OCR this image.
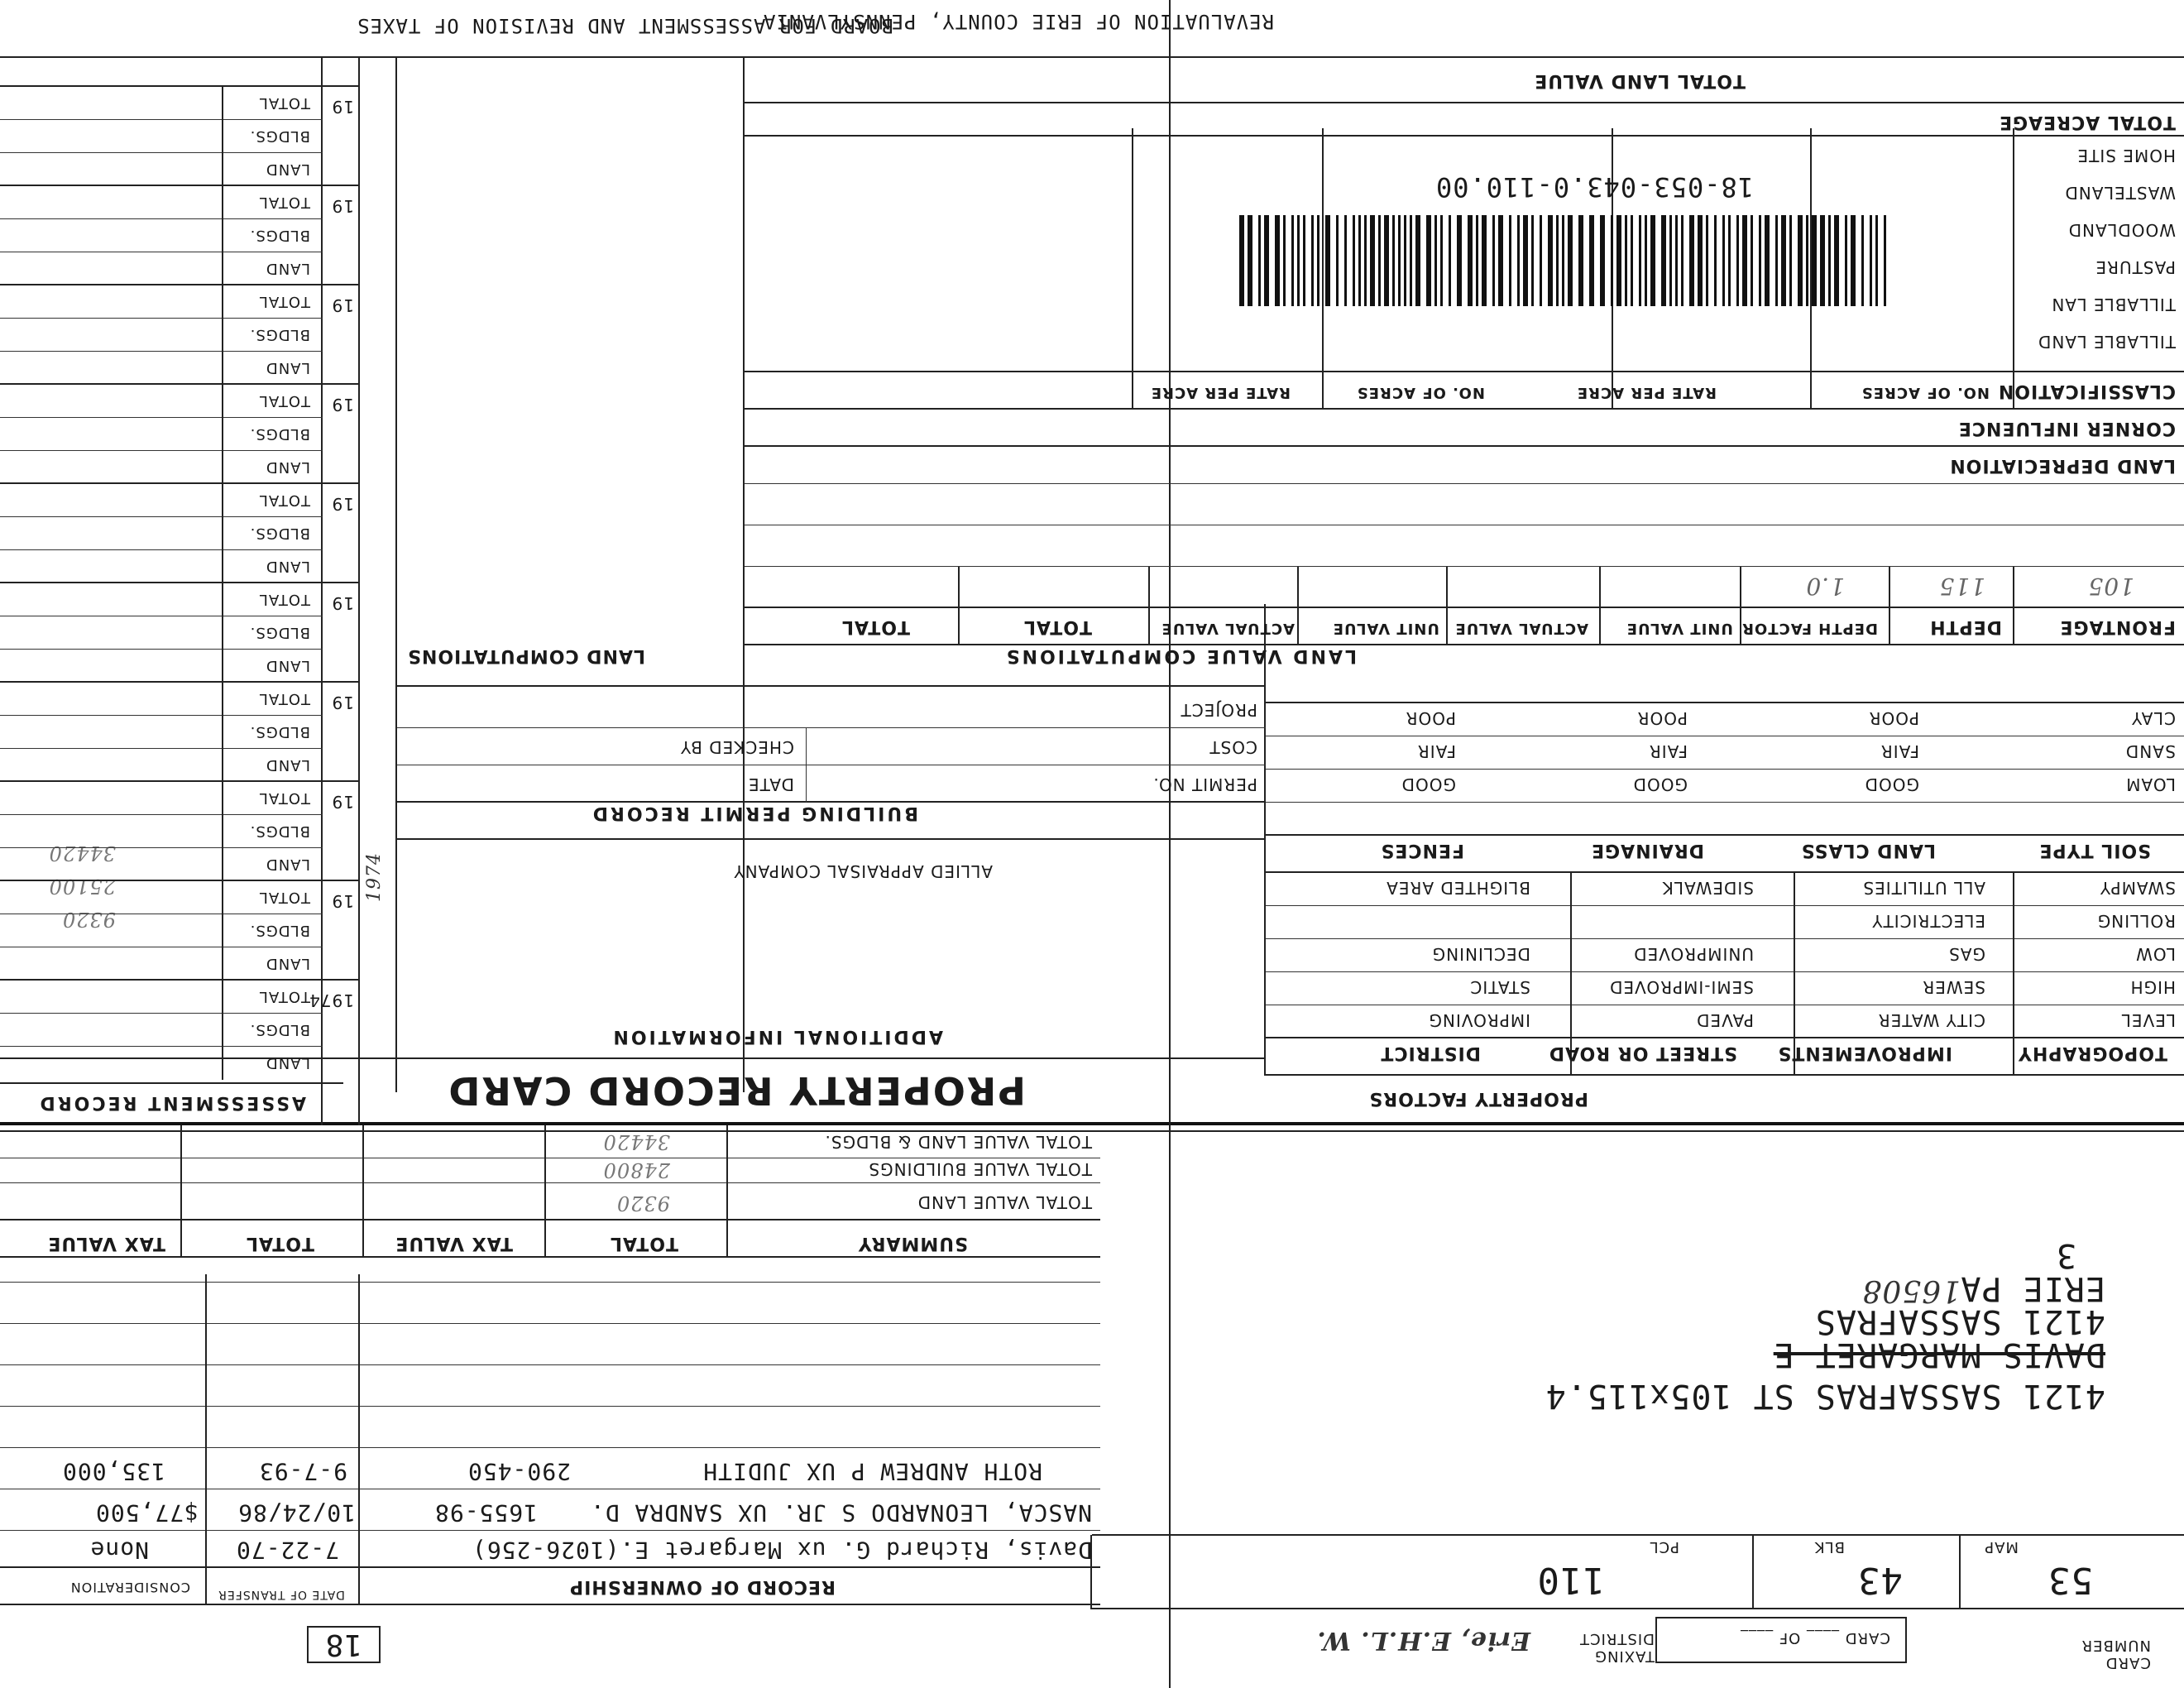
REVALUATION OF ERIE COUNTY, PENNSYLVANIA
BOARD FOR ASSESSMENT AND REVISION OF TAXES
CARD NUMBER
CARD ____ OF ____
TAXING DISTRICT
Erie, E.H.L. W.
MAP
53
BLK
43
PCL
110
4121 SASSAFRAS ST 105x115.4
DAVIS MARGARET E
4121 SASSAFRAS
ERIE PA
16508
3
RECORD OF OWNERSHIP
DATE OF TRANSFER
CONSIDERATION
Davis, Richard G. ux Margaret E.(1026-256)
7-22-70
None
NASCA, LEONARDO S JR. UX SANDRA D.
1655-98
10/24/86
$77,500
ROTH ANDREW P UX JUDITH
290-450
9-7-93
135,000
18
SUMMARY
TOTAL
TAX VALUE
TOTAL
TAX VALUE
TOTAL VALUE LAND
TOTAL VALUE BUILDINGS
TOTAL VALUE LAND & BLDGS.
9320
24800
34420
PROPERTY FACTORS
TOPOGRAPHY
IMPROVEMENTS
STREET OR ROAD
DISTRICT
LEVEL
HIGH
LOW
ROLLING
SWAMPY
CITY WATER
SEWER
GAS
ELECTRICITY
ALL UTILITIES
PAVED
SEMI-IMPROVED
UNIMPROVED
SIDEWALK
IMPROVING
STATIC
DECLINING
BLIGHTED AREA
SOIL TYPE
LAND CLASS
DRAINAGE
FENCES
LOAM
SAND
CLAY
GOOD
FAIR
POOR
GOOD
FAIR
POOR
GOOD
FAIR
POOR
LAND VALUE COMPUTATIONS
FRONTAGE
DEPTH
DEPTH FACTOR
UNIT VALUE
ACTUAL VALUE
UNIT VALUE
ACTUAL VALUE
TOTAL
TOTAL
105
115
1.0
LAND DEPRECIATION
CORNER INFLUENCE
CLASSIFICATION
NO. OF ACRES
RATE PER ACRE
NO. OF ACRES
RATE PER ACRE
TILLABLE LAND
TILLABLE LAN
PASTURE
WOODLAND
WASTELAND
HOME SITE
TOTAL ACREAGE
TOTAL LAND VALUE
18-053-043.0-110.00
PROPERTY RECORD CARD
ADDITIONAL INFORMATION
ALLIED APPRAISAL COMPANY
BUILDING PERMIT RECORD
PERMIT NO.
COST
PROJECT
DATE
CHECKED BY
LAND COMPUTATIONS
ASSESSMENT RECORD
1974
9320
25100
34420
LAND
BLDGS.
TOTAL
1974
LAND
BLDGS.
TOTAL 19
LAND
BLDGS.
TOTAL 19
LAND
BLDGS.
TOTAL 19
LAND
BLDGS.
TOTAL 19
LAND
BLDGS.
TOTAL 19
LAND
BLDGS.
TOTAL 19
LAND
BLDGS.
TOTAL 19
LAND
BLDGS.
TOTAL 19
LAND
BLDGS.
TOTAL 19
